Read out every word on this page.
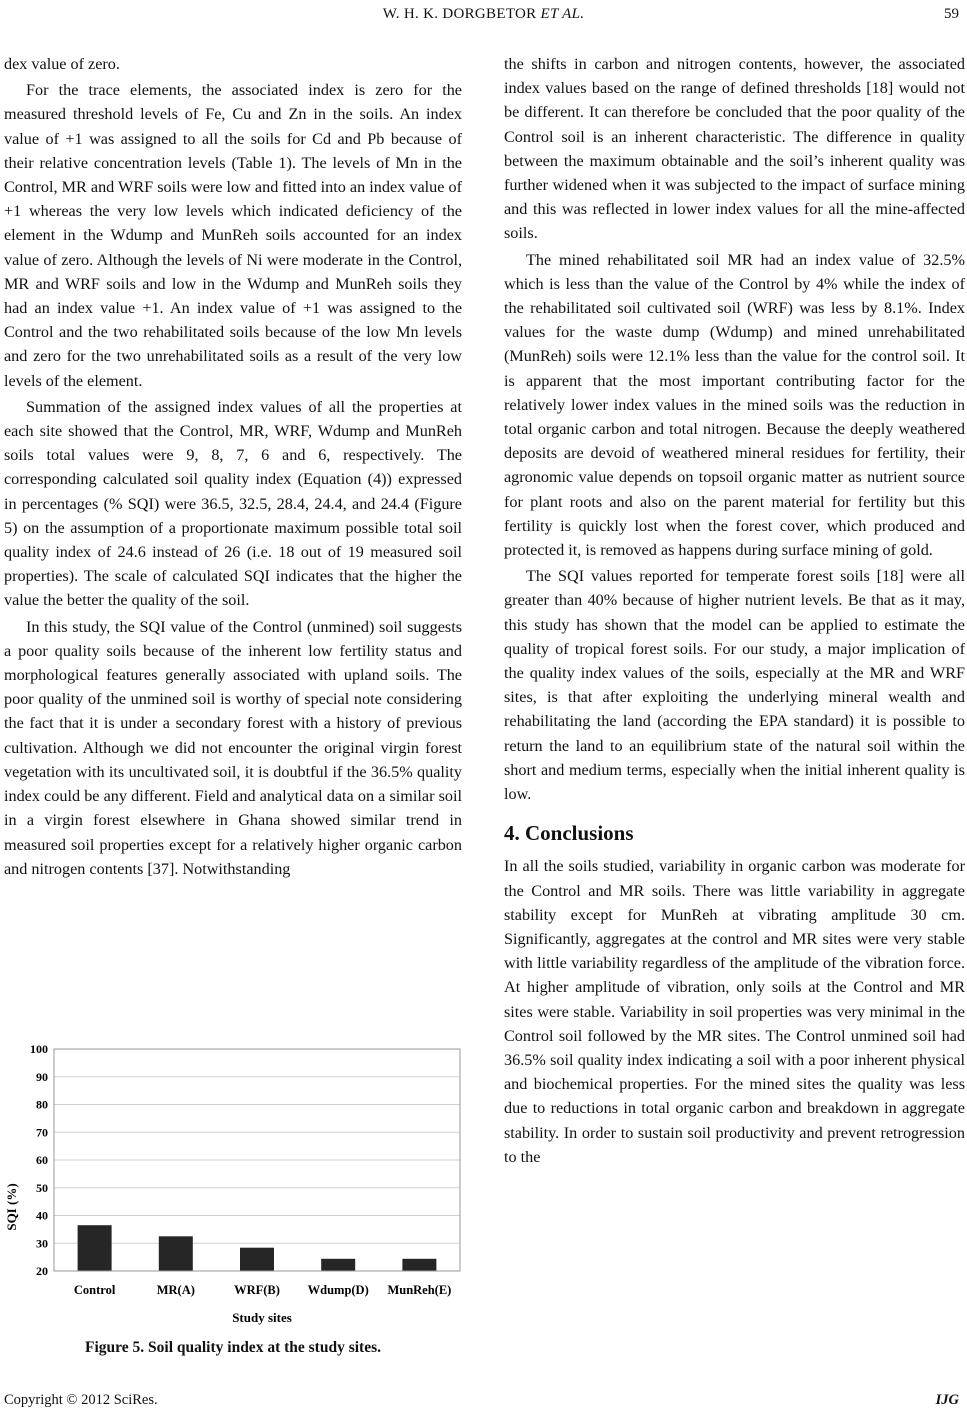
W. H. K. DORGBETOR ET AL.	59

dex value of zero.

For the trace elements, the associated index is zero for the measured threshold levels of Fe, Cu and Zn in the soils. An index value of +1 was assigned to all the soils for Cd and Pb because of their relative concentration levels (Table 1). The levels of Mn in the Control, MR and WRF soils were low and fitted into an index value of +1 whereas the very low levels which indicated deficiency of the element in the Wdump and MunReh soils accounted for an index value of zero. Although the levels of Ni were moderate in the Control, MR and WRF soils and low in the Wdump and MunReh soils they had an index value +1. An index value of +1 was assigned to the Control and the two rehabilitated soils because of the low Mn levels and zero for the two unrehabilitated soils as a result of the very low levels of the element.

Summation of the assigned index values of all the properties at each site showed that the Control, MR, WRF, Wdump and MunReh soils total values were 9, 8, 7, 6 and 6, respectively. The corresponding calculated soil quality index (Equation (4)) expressed in percentages (% SQI) were 36.5, 32.5, 28.4, 24.4, and 24.4 (Figure 5) on the assumption of a proportionate maximum possible total soil quality index of 24.6 instead of 26 (i.e. 18 out of 19 measured soil properties). The scale of calculated SQI indicates that the higher the value the better the quality of the soil.

In this study, the SQI value of the Control (unmined) soil suggests a poor quality soils because of the inherent low fertility status and morphological features generally associated with upland soils. The poor quality of the unmined soil is worthy of special note considering the fact that it is under a secondary forest with a history of previous cultivation. Although we did not encounter the original virgin forest vegetation with its uncultivated soil, it is doubtful if the 36.5% quality index could be any different. Field and analytical data on a similar soil in a virgin forest elsewhere in Ghana showed similar trend in measured soil properties except for a relatively higher organic carbon and nitrogen contents [37]. Notwithstanding

20
30
40
50
60
70
80
90
100
Control	MR(A)	WRF(B) Wdump(D) MunReh(E)
SQI (%)
Study sites
Figure 5. Soil quality index at the study sites.

the shifts in carbon and nitrogen contents, however, the associated index values based on the range of defined thresholds [18] would not be different. It can therefore be concluded that the poor quality of the Control soil is an inherent characteristic. The difference in quality between the maximum obtainable and the soil’s inherent quality was further widened when it was subjected to the impact of surface mining and this was reflected in lower index values for all the mine-affected soils.

The mined rehabilitated soil MR had an index value of 32.5% which is less than the value of the Control by 4% while the index of the rehabilitated soil cultivated soil (WRF) was less by 8.1%. Index values for the waste dump (Wdump) and mined unrehabilitated (MunReh) soils were 12.1% less than the value for the control soil. It is apparent that the most important contributing factor for the relatively lower index values in the mined soils was the reduction in total organic carbon and total nitrogen. Because the deeply weathered deposits are devoid of weathered mineral residues for fertility, their agronomic value depends on topsoil organic matter as nutrient source for plant roots and also on the parent material for fertility but this fertility is quickly lost when the forest cover, which produced and protected it, is removed as happens during surface mining of gold.

The SQI values reported for temperate forest soils [18] were all greater than 40% because of higher nutrient levels. Be that as it may, this study has shown that the model can be applied to estimate the quality of tropical forest soils. For our study, a major implication of the quality index values of the soils, especially at the MR and WRF sites, is that after exploiting the underlying mineral wealth and rehabilitating the land (according the EPA standard) it is possible to return the land to an equilibrium state of the natural soil within the short and medium terms, especially when the initial inherent quality is low.

4. Conclusions

In all the soils studied, variability in organic carbon was moderate for the Control and MR soils. There was little variability in aggregate stability except for MunReh at vibrating amplitude 30 cm. Significantly, aggregates at the control and MR sites were very stable with little variability regardless of the amplitude of the vibration force. At higher amplitude of vibration, only soils at the Control and MR sites were stable. Variability in soil properties was very minimal in the Control soil followed by the MR sites. The Control unmined soil had 36.5% soil quality index indicating a soil with a poor inherent physical and biochemical properties. For the mined sites the quality was less due to reductions in total organic carbon and breakdown in aggregate stability. In order to sustain soil productivity and prevent retrogression to the

Copyright © 2012 SciRes.	IJG
